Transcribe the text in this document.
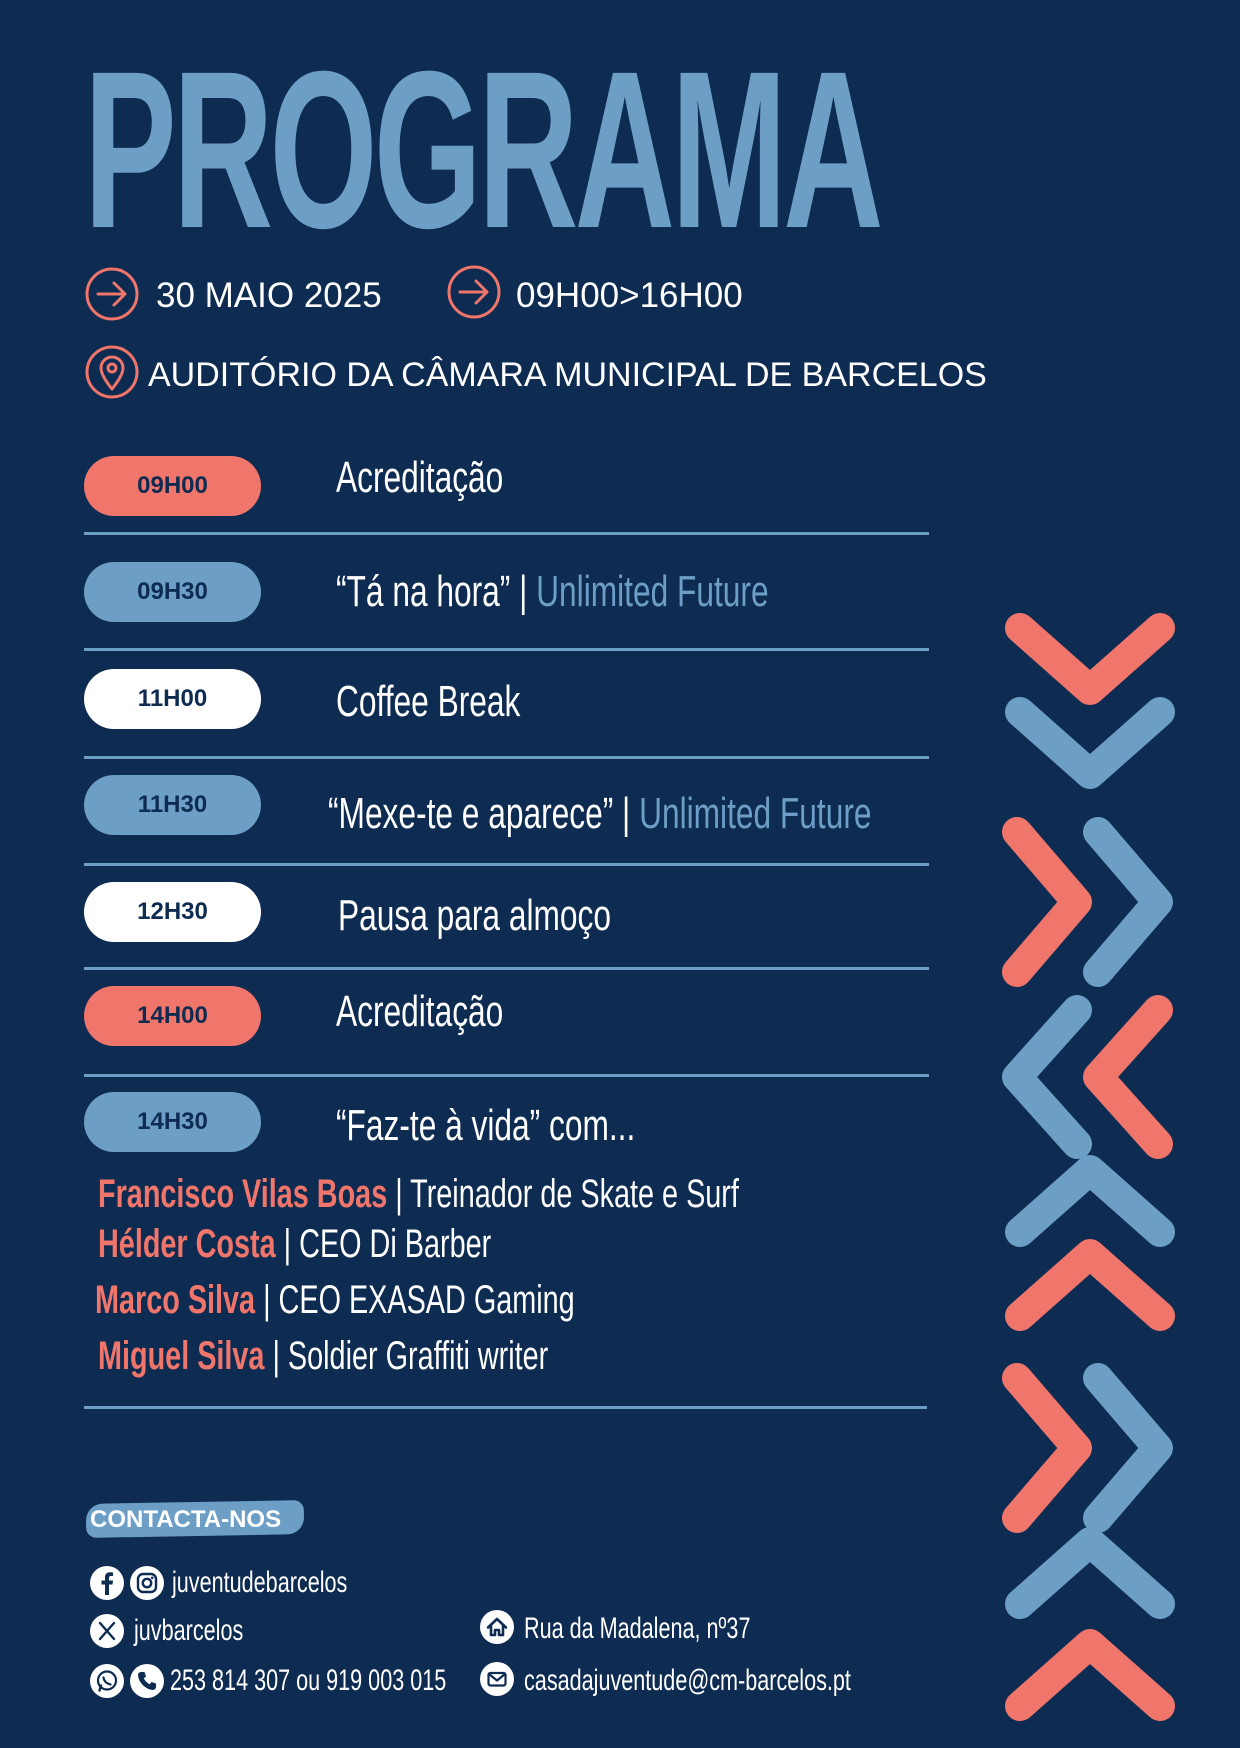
PROGRAMA
30 MAIO 2025	09H00>16H00
AUDITÓRIO DA CÂMARA MUNICIPAL DE BARCELOS
09H00	Acreditação
09H30	“Tá na hora” | Unlimited Future
11H00	Coffee Break
11H30	“Mexe-te e aparece” | Unlimited Future
12H30	Pausa para almoço
14H00	Acreditação
14H30	“Faz-te à vida” com...
Francisco Vilas Boas | Treinador de Skate e Surf
Hélder Costa | CEO Di Barber
Marco Silva | CEO EXASAD Gaming
Miguel Silva | Soldier Graffiti writer
CONTACTA-NOS
juventudebarcelos
juvbarcelos
253 814 307 ou 919 003 015
Rua da Madalena, nº37
casadajuventude@cm-barcelos.pt
